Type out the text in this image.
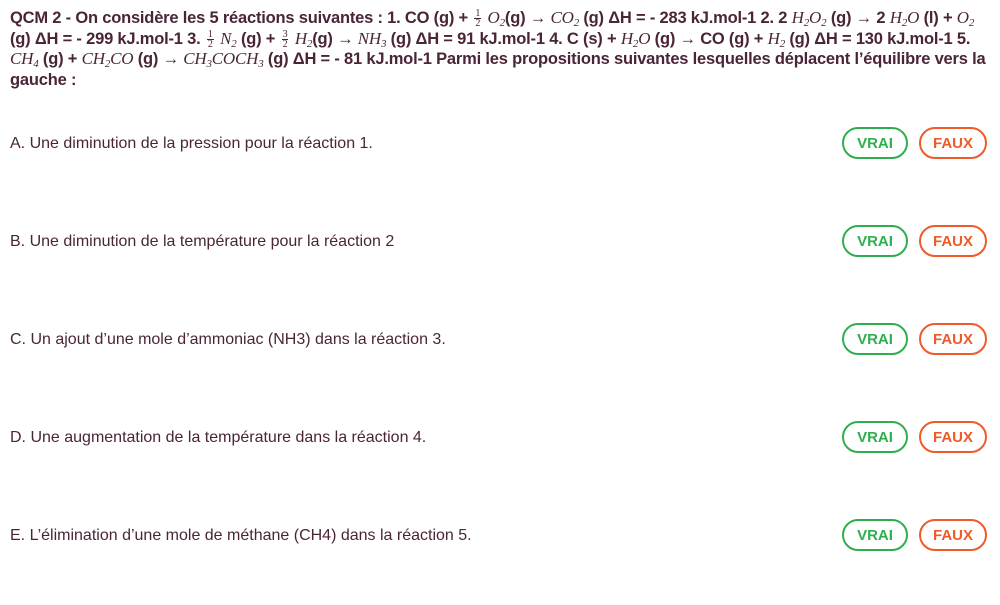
QCM 2 - On considère les 5 réactions suivantes : 1. CO $(g) + \frac{1}{2} O_2(g) \to CO_2$ (g) ΔH = - 283 kJ.mol-1 2. 2 $H_2O_2$ (g) → 2 $H_2O$ $(l) + O_2$ (g) ΔH = - 299 kJ.mol-1 3. $\frac{1}{2} N_2$ $(g) + \frac{3}{2} H_2(g) \to NH_3$ (g) ΔH = 91 kJ.mol-1 4. C $(s) + H_2O$ (g) → CO $(g) + H_2$ (g) ΔH = 130 kJ.mol-1 5. $CH_4$ $(g) + CH_2CO$ $(g) \to CH_3COCH_3$ (g) ΔH = - 81 kJ.mol-1 Parmi les propositions suivantes lesquelles déplacent l’équilibre vers la gauche :
A. Une diminution de la pression pour la réaction 1.	VRAI	FAUX
B. Une diminution de la température pour la réaction 2	VRAI	FAUX
C. Un ajout d’une mole d’ammoniac (NH3) dans la réaction 3.	VRAI	FAUX
D. Une augmentation de la température dans la réaction 4.	VRAI	FAUX
E. L’élimination d’une mole de méthane (CH4) dans la réaction 5.	VRAI	FAUX
